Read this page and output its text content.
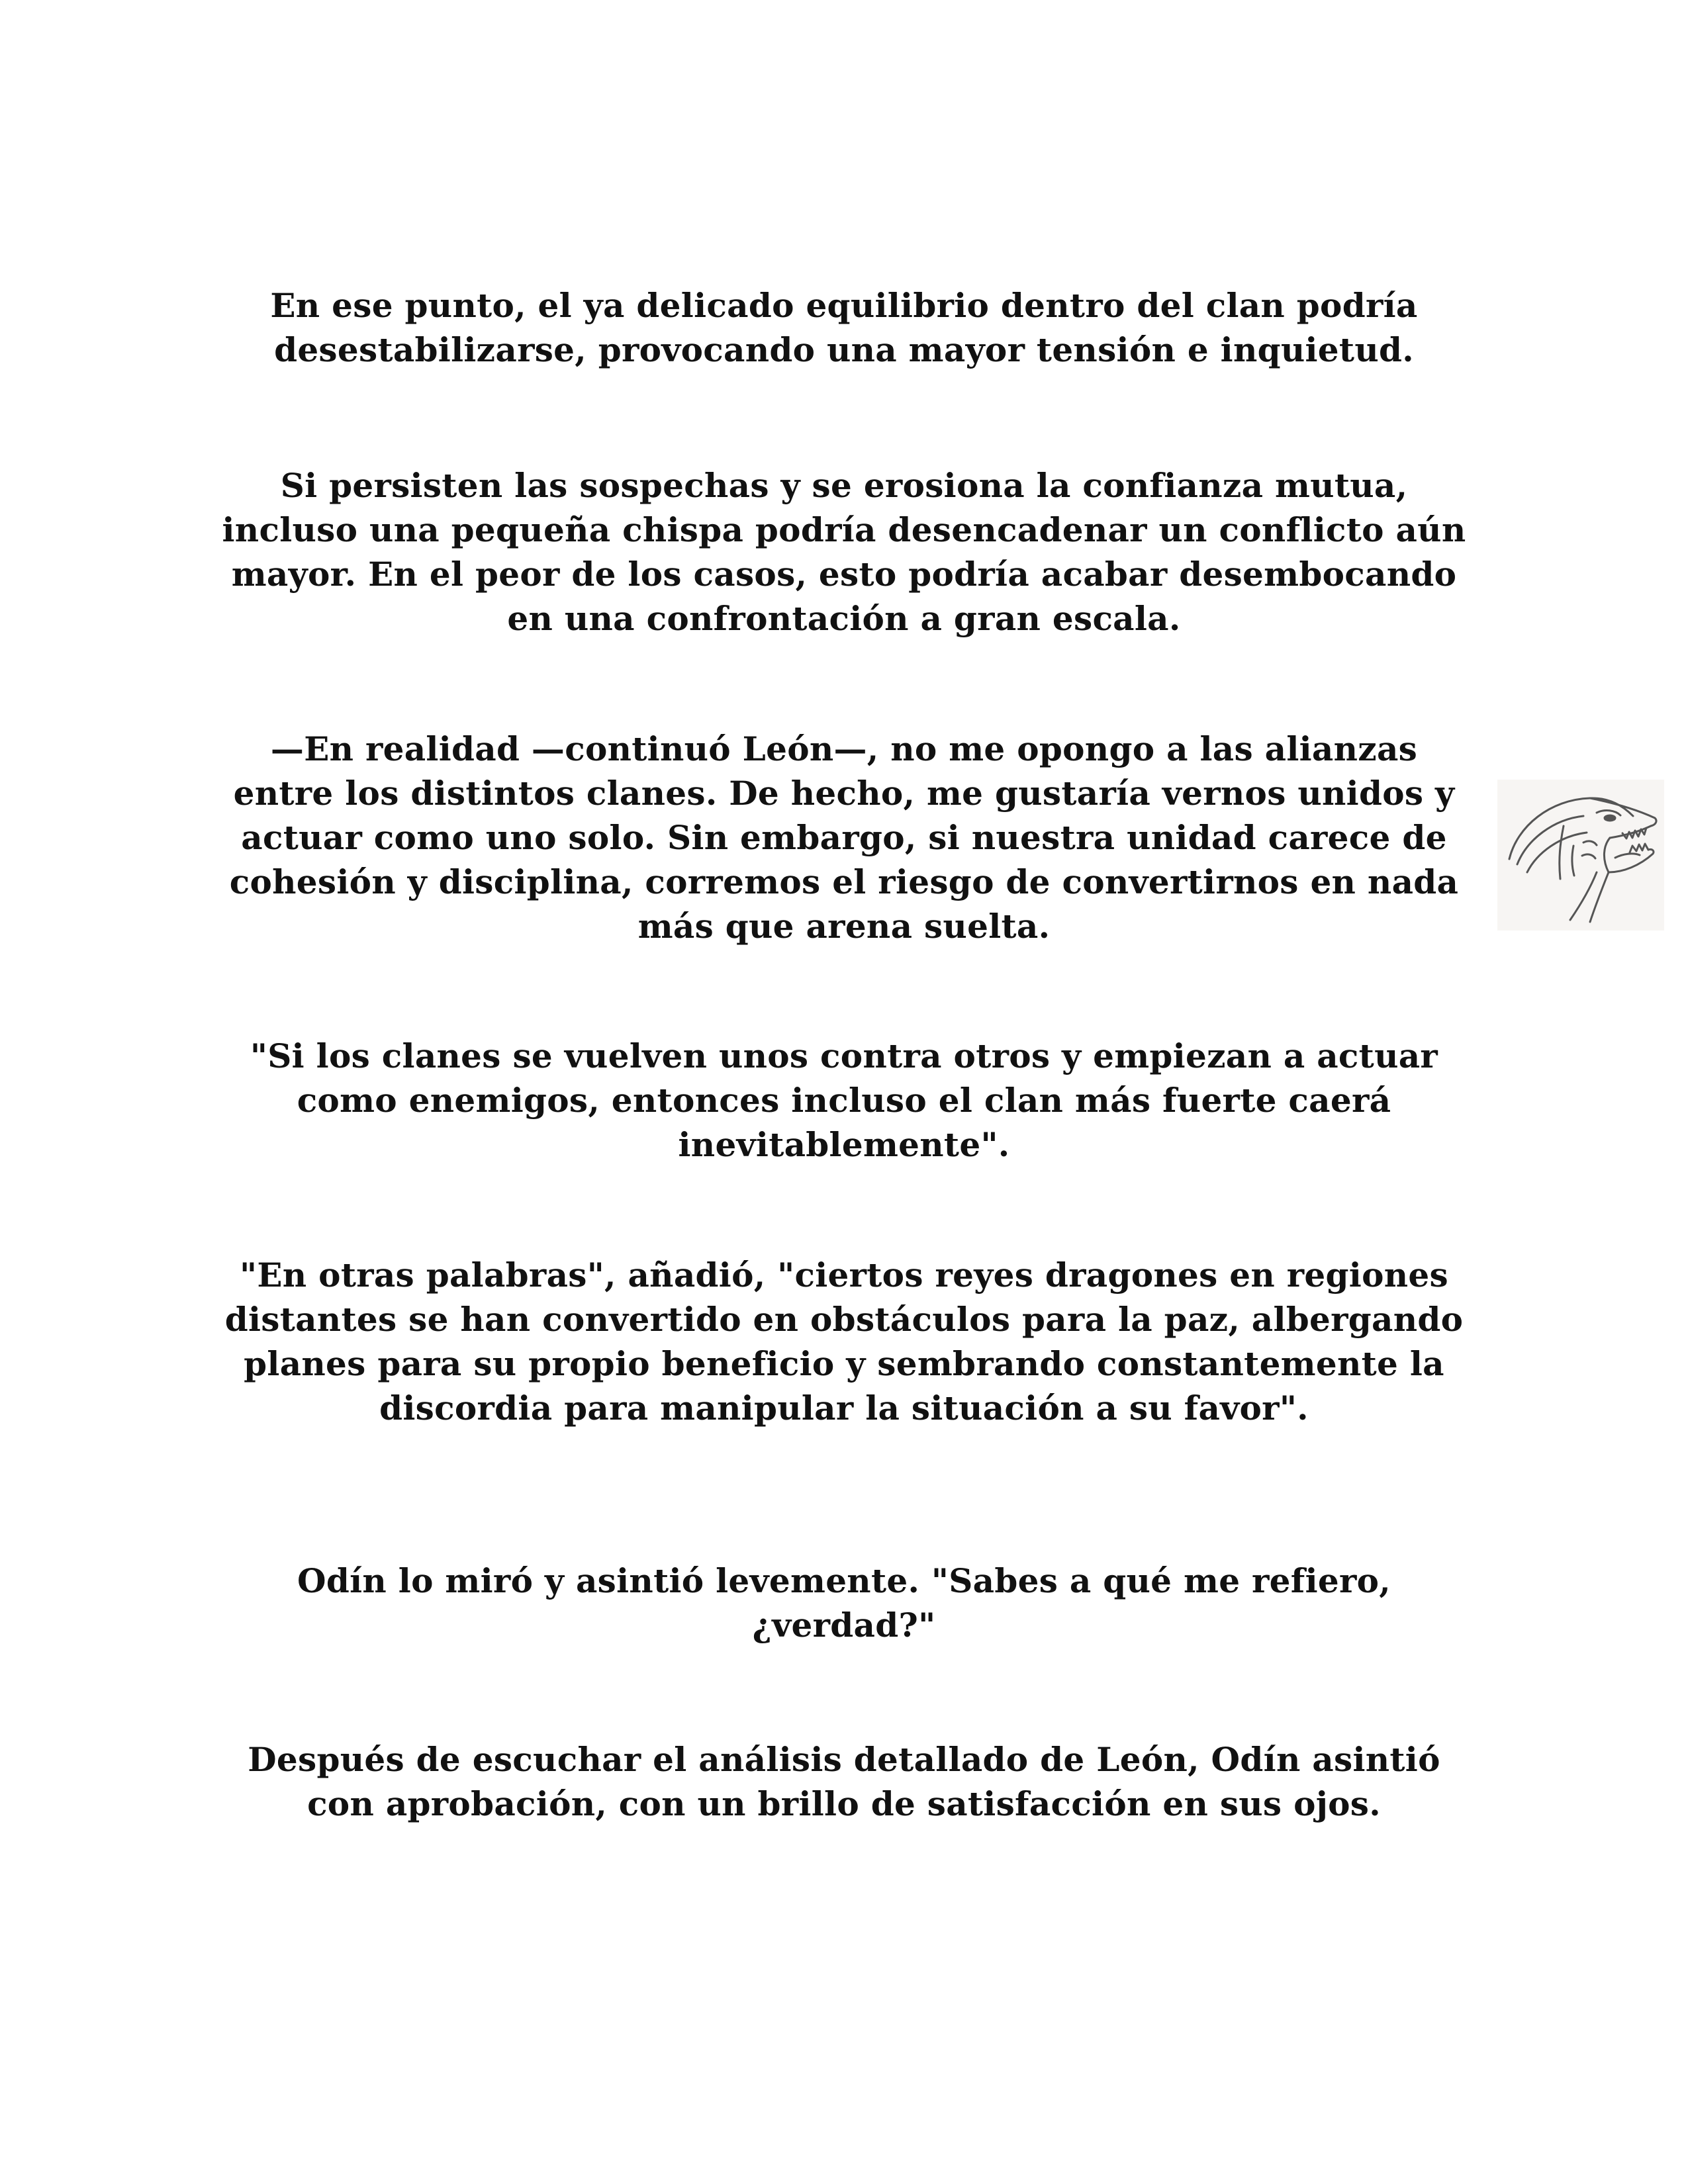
En ese punto, el ya delicado equilibrio dentro del clan podría desestabilizarse, provocando una mayor tensión e inquietud.

Si persisten las sospechas y se erosiona la confianza mutua, incluso una pequeña chispa podría desencadenar un conflicto aún mayor. En el peor de los casos, esto podría acabar desembocando en una confrontación a gran escala.

—En realidad —continuó León—, no me opongo a las alianzas entre los distintos clanes. De hecho, me gustaría vernos unidos y actuar como uno solo. Sin embargo, si nuestra unidad carece de cohesión y disciplina, corremos el riesgo de convertirnos en nada más que arena suelta.

"Si los clanes se vuelven unos contra otros y empiezan a actuar como enemigos, entonces incluso el clan más fuerte caerá inevitablemente".

"En otras palabras", añadió, "ciertos reyes dragones en regiones distantes se han convertido en obstáculos para la paz, albergando planes para su propio beneficio y sembrando constantemente la discordia para manipular la situación a su favor".

Odín lo miró y asintió levemente. "Sabes a qué me refiero, ¿verdad?"

Después de escuchar el análisis detallado de León, Odín asintió con aprobación, con un brillo de satisfacción en sus ojos.
